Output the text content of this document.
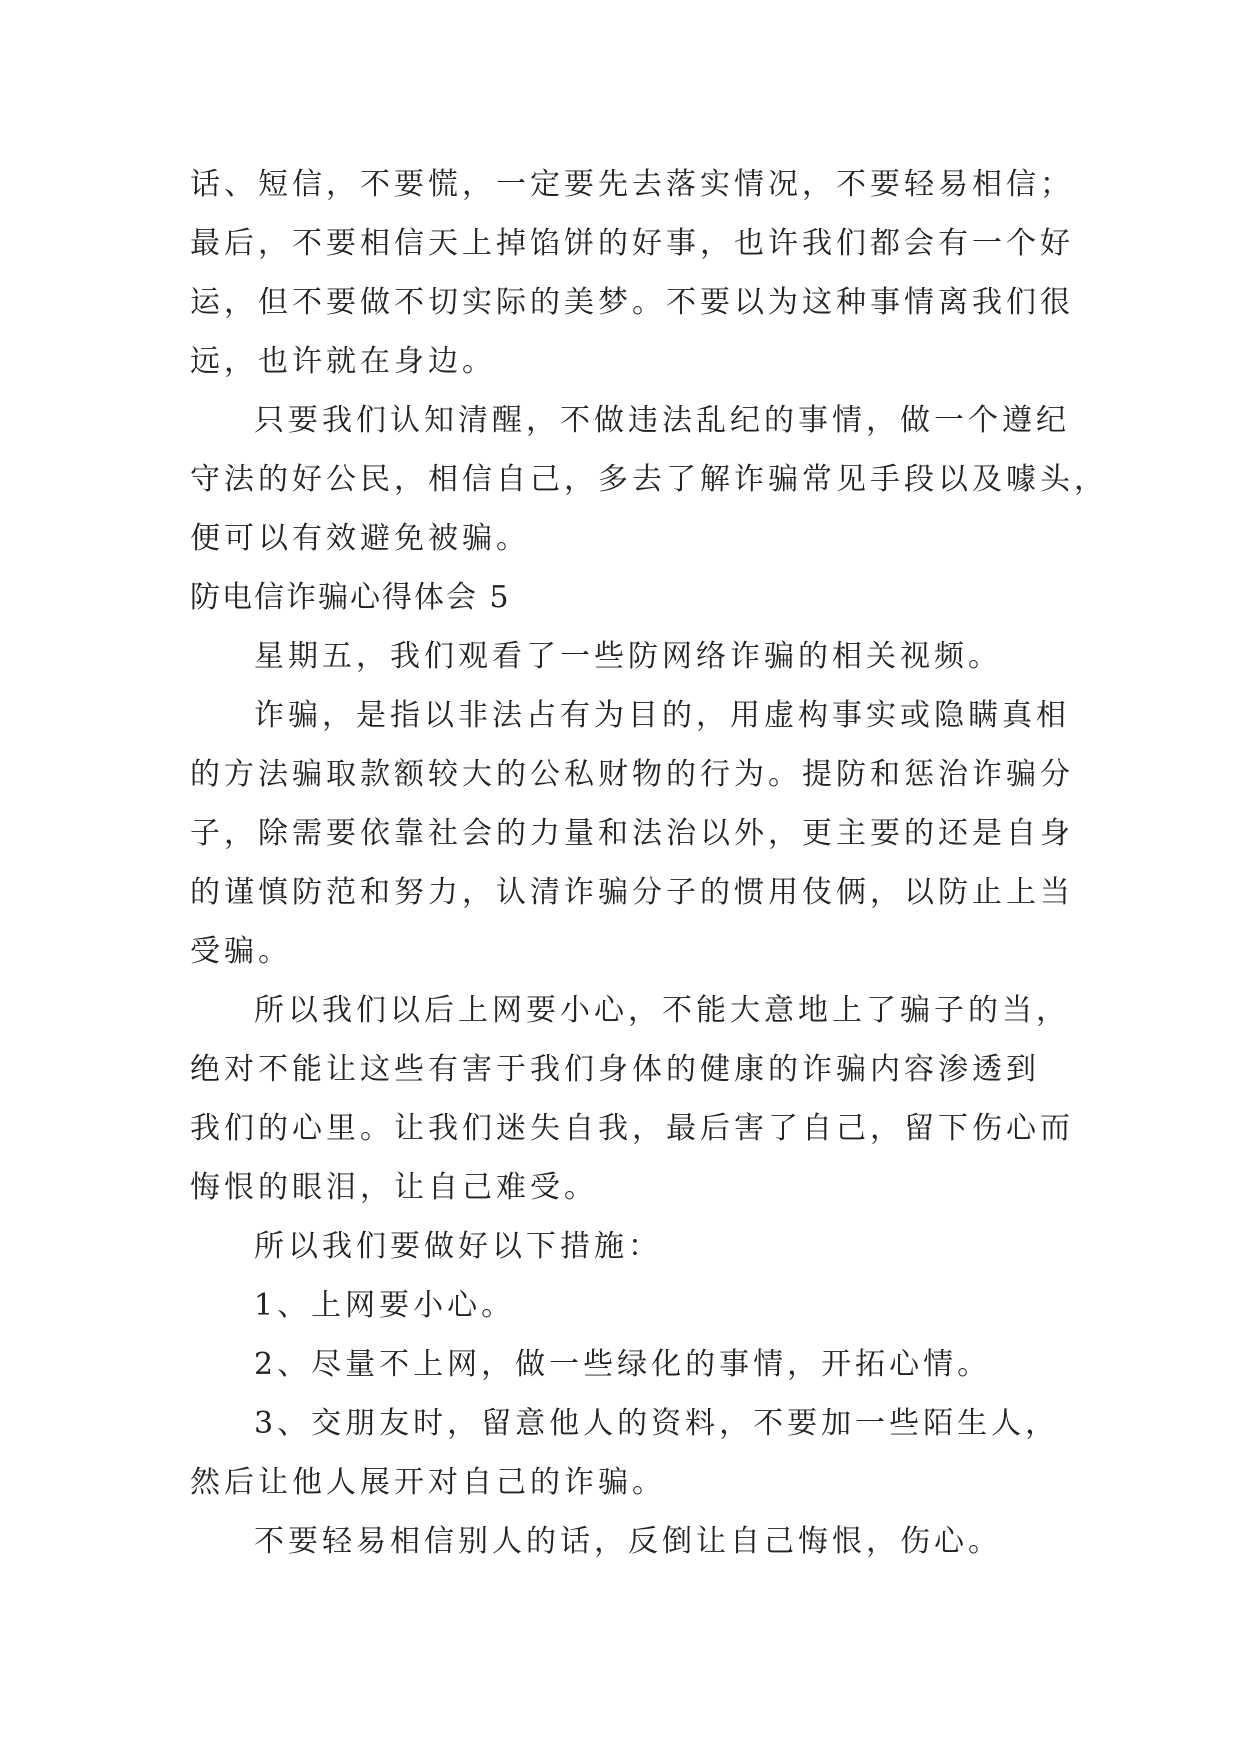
话、短信，不要慌，一定要先去落实情况，不要轻易相信；
最后，不要相信天上掉馅饼的好事，也许我们都会有一个好
运，但不要做不切实际的美梦。不要以为这种事情离我们很
远，也许就在身边。
只要我们认知清醒，不做违法乱纪的事情，做一个遵纪
守法的好公民，相信自己，多去了解诈骗常见手段以及噱头，
便可以有效避免被骗。
防电信诈骗心得体会 5
星期五，我们观看了一些防网络诈骗的相关视频。
诈骗，是指以非法占有为目的，用虚构事实或隐瞒真相
的方法骗取款额较大的公私财物的行为。提防和惩治诈骗分
子，除需要依靠社会的力量和法治以外，更主要的还是自身
的谨慎防范和努力，认清诈骗分子的惯用伎俩，以防止上当
受骗。
所以我们以后上网要小心，不能大意地上了骗子的当，
绝对不能让这些有害于我们身体的健康的诈骗内容渗透到
我们的心里。让我们迷失自我，最后害了自己，留下伤心而
悔恨的眼泪，让自己难受。
所以我们要做好以下措施：
1、上网要小心。
2、尽量不上网，做一些绿化的事情，开拓心情。
3、交朋友时，留意他人的资料，不要加一些陌生人，
然后让他人展开对自己的诈骗。
不要轻易相信别人的话，反倒让自己悔恨，伤心。
